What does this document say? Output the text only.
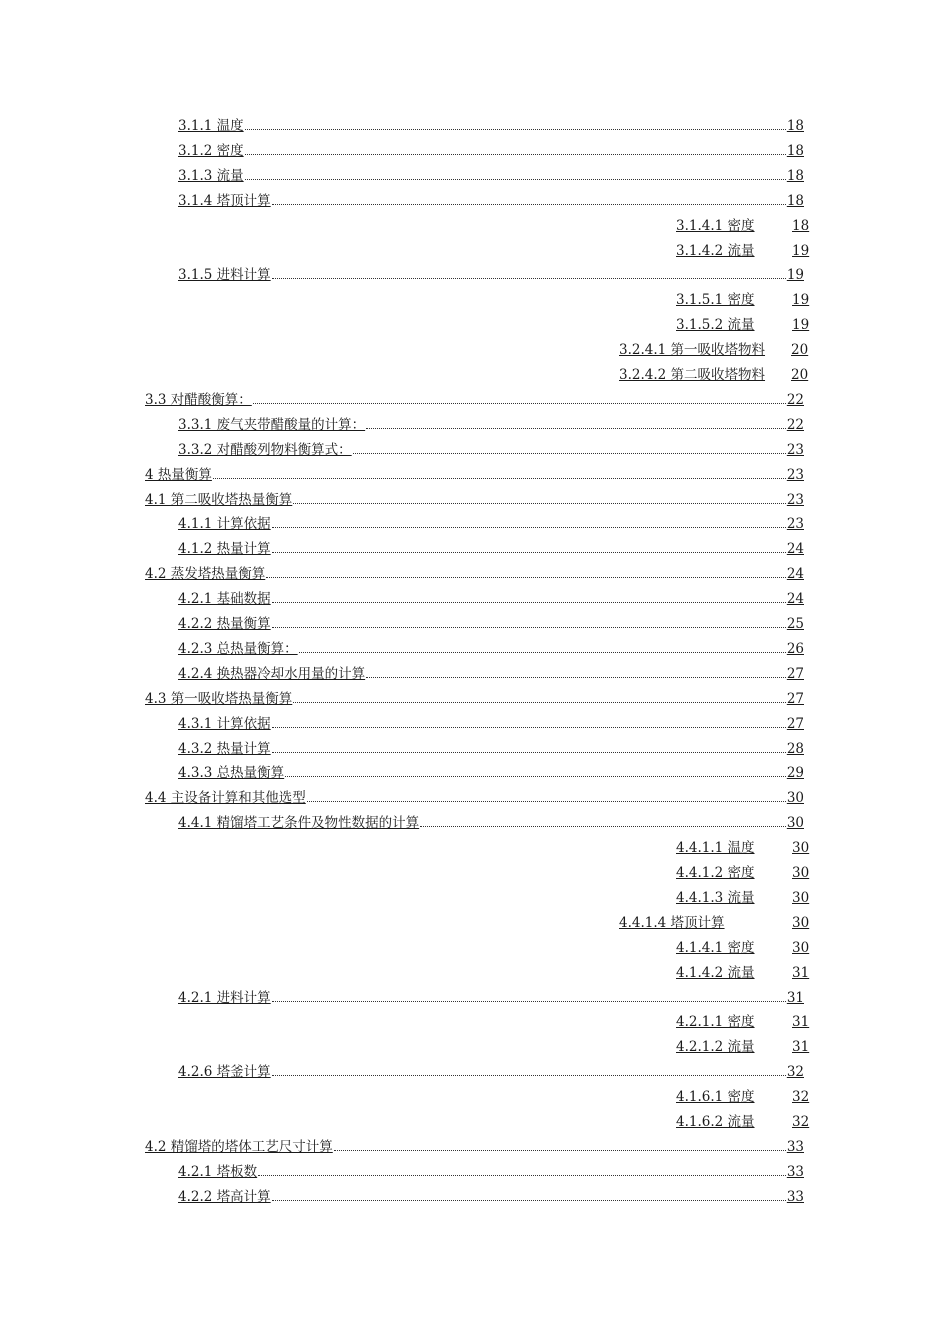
3.1.1 温度	18
3.1.2 密度	18
3.1.3 流量	18
3.1.4 塔顶计算	18
3.1.4.1 密度	18
3.1.4.2 流量	19
3.1.5 进料计算	19
3.1.5.1 密度	19
3.1.5.2 流量	19
3.2.4.1 第一吸收塔物料 20
3.2.4.2 第二吸收塔物料 20
3.3 对醋酸衡算：	22
3.3.1 废气夹带醋酸量的计算：	22
3.3.2 对醋酸列物料衡算式：	23
4 热量衡算	23
4.1 第二吸收塔热量衡算	23
4.1.1 计算依据	23
4.1.2 热量计算	24
4.2 蒸发塔热量衡算	24
4.2.1 基础数据	24
4.2.2 热量衡算	25
4.2.3 总热量衡算：	26
4.2.4 换热器冷却水用量的计算	27
4.3 第一吸收塔热量衡算	27
4.3.1 计算依据	27
4.3.2 热量计算	28
4.3.3 总热量衡算	29
4.4 主设备计算和其他选型	30
4.4.1 精馏塔工艺条件及物性数据的计算	30
4.4.1.1 温度	30
4.4.1.2 密度	30
4.4.1.3 流量	30
4.4.1.4 塔顶计算	30
4.1.4.1 密度	30
4.1.4.2 流量	31
4.2.1 进料计算	31
4.2.1.1 密度	31
4.2.1.2 流量	31
4.2.6 塔釜计算	32
4.1.6.1 密度	32
4.1.6.2 流量	32
4.2 精馏塔的塔体工艺尺寸计算	33
4.2.1 塔板数	33
4.2.2 塔高计算	33
